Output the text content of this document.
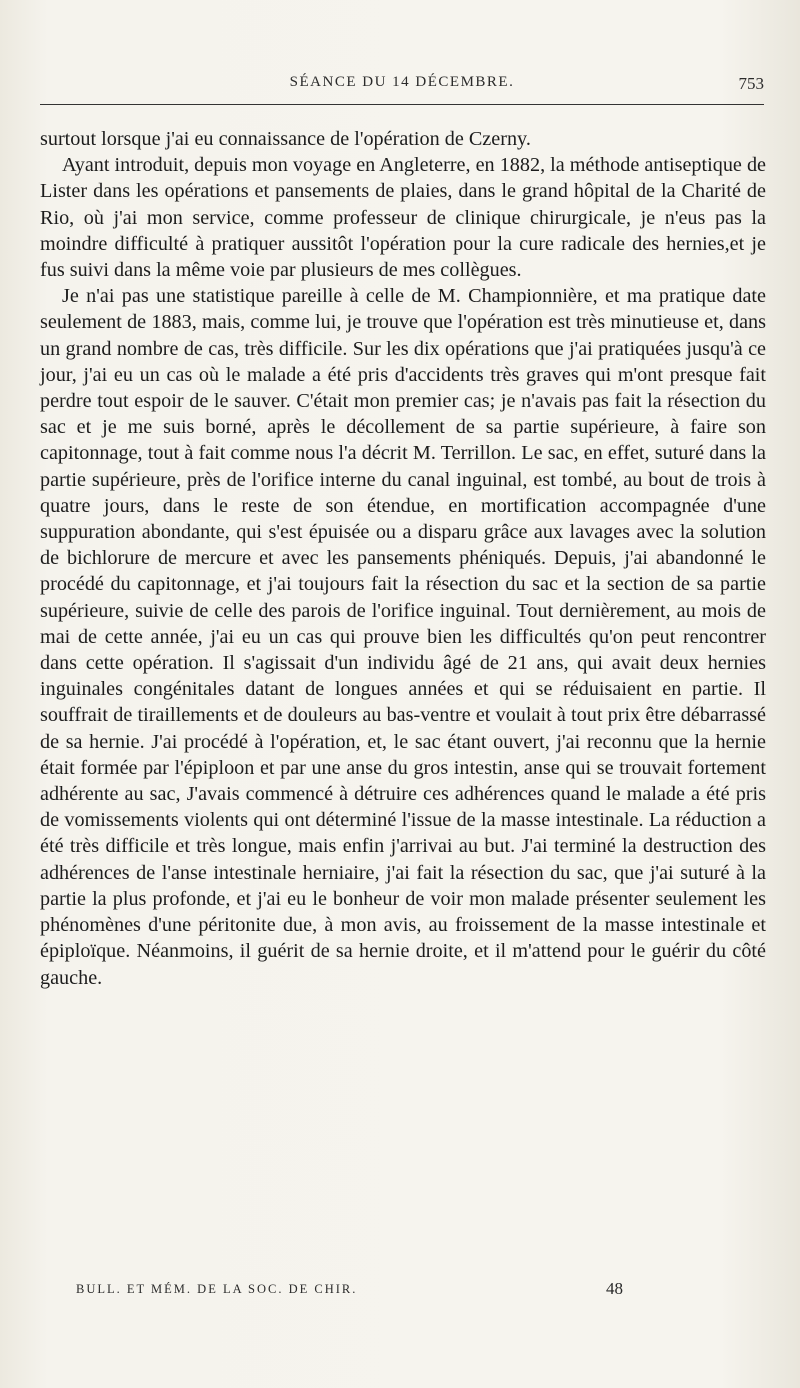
SÉANCE DU 14 DÉCEMBRE.	753

surtout lorsque j'ai eu connaissance de l'opération de Czerny.

Ayant introduit, depuis mon voyage en Angleterre, en 1882, la méthode antiseptique de Lister dans les opérations et pansements de plaies, dans le grand hôpital de la Charité de Rio, où j'ai mon service, comme professeur de clinique chirurgicale, je n'eus pas la moindre difficulté à pratiquer aussitôt l'opération pour la cure radicale des hernies,et je fus suivi dans la même voie par plusieurs de mes collègues.

Je n'ai pas une statistique pareille à celle de M. Championnière, et ma pratique date seulement de 1883, mais, comme lui, je trouve que l'opération est très minutieuse et, dans un grand nombre de cas, très difficile. Sur les dix opérations que j'ai pratiquées jusqu'à ce jour, j'ai eu un cas où le malade a été pris d'accidents très graves qui m'ont presque fait perdre tout espoir de le sauver. C'était mon premier cas; je n'avais pas fait la résection du sac et je me suis borné, après le décollement de sa partie supérieure, à faire son capitonnage, tout à fait comme nous l'a décrit M. Terrillon. Le sac, en effet, suturé dans la partie supérieure, près de l'orifice interne du canal inguinal, est tombé, au bout de trois à quatre jours, dans le reste de son étendue, en mortification accompagnée d'une suppuration abondante, qui s'est épuisée ou a disparu grâce aux lavages avec la solution de bichlorure de mercure et avec les pansements phéniqués. Depuis, j'ai abandonné le procédé du capitonnage, et j'ai toujours fait la résection du sac et la section de sa partie supérieure, suivie de celle des parois de l'orifice inguinal. Tout dernièrement, au mois de mai de cette année, j'ai eu un cas qui prouve bien les difficultés qu'on peut rencontrer dans cette opération. Il s'agissait d'un individu âgé de 21 ans, qui avait deux hernies inguinales congénitales datant de longues années et qui se réduisaient en partie. Il souffrait de tiraillements et de douleurs au bas-ventre et voulait à tout prix être débarrassé de sa hernie. J'ai procédé à l'opération, et, le sac étant ouvert, j'ai reconnu que la hernie était formée par l'épiploon et par une anse du gros intestin, anse qui se trouvait fortement adhérente au sac, J'avais commencé à détruire ces adhérences quand le malade a été pris de vomissements violents qui ont déterminé l'issue de la masse intestinale. La réduction a été très difficile et très longue, mais enfin j'arrivai au but. J'ai terminé la destruction des adhérences de l'anse intestinale herniaire, j'ai fait la résection du sac, que j'ai suturé à la partie la plus profonde, et j'ai eu le bonheur de voir mon malade présenter seulement les phénomènes d'une péritonite due, à mon avis, au froissement de la masse intestinale et épiploïque. Néanmoins, il guérit de sa hernie droite, et il m'attend pour le guérir du côté gauche.

BULL. ET MÉM. DE LA SOC. DE CHIR.	48
